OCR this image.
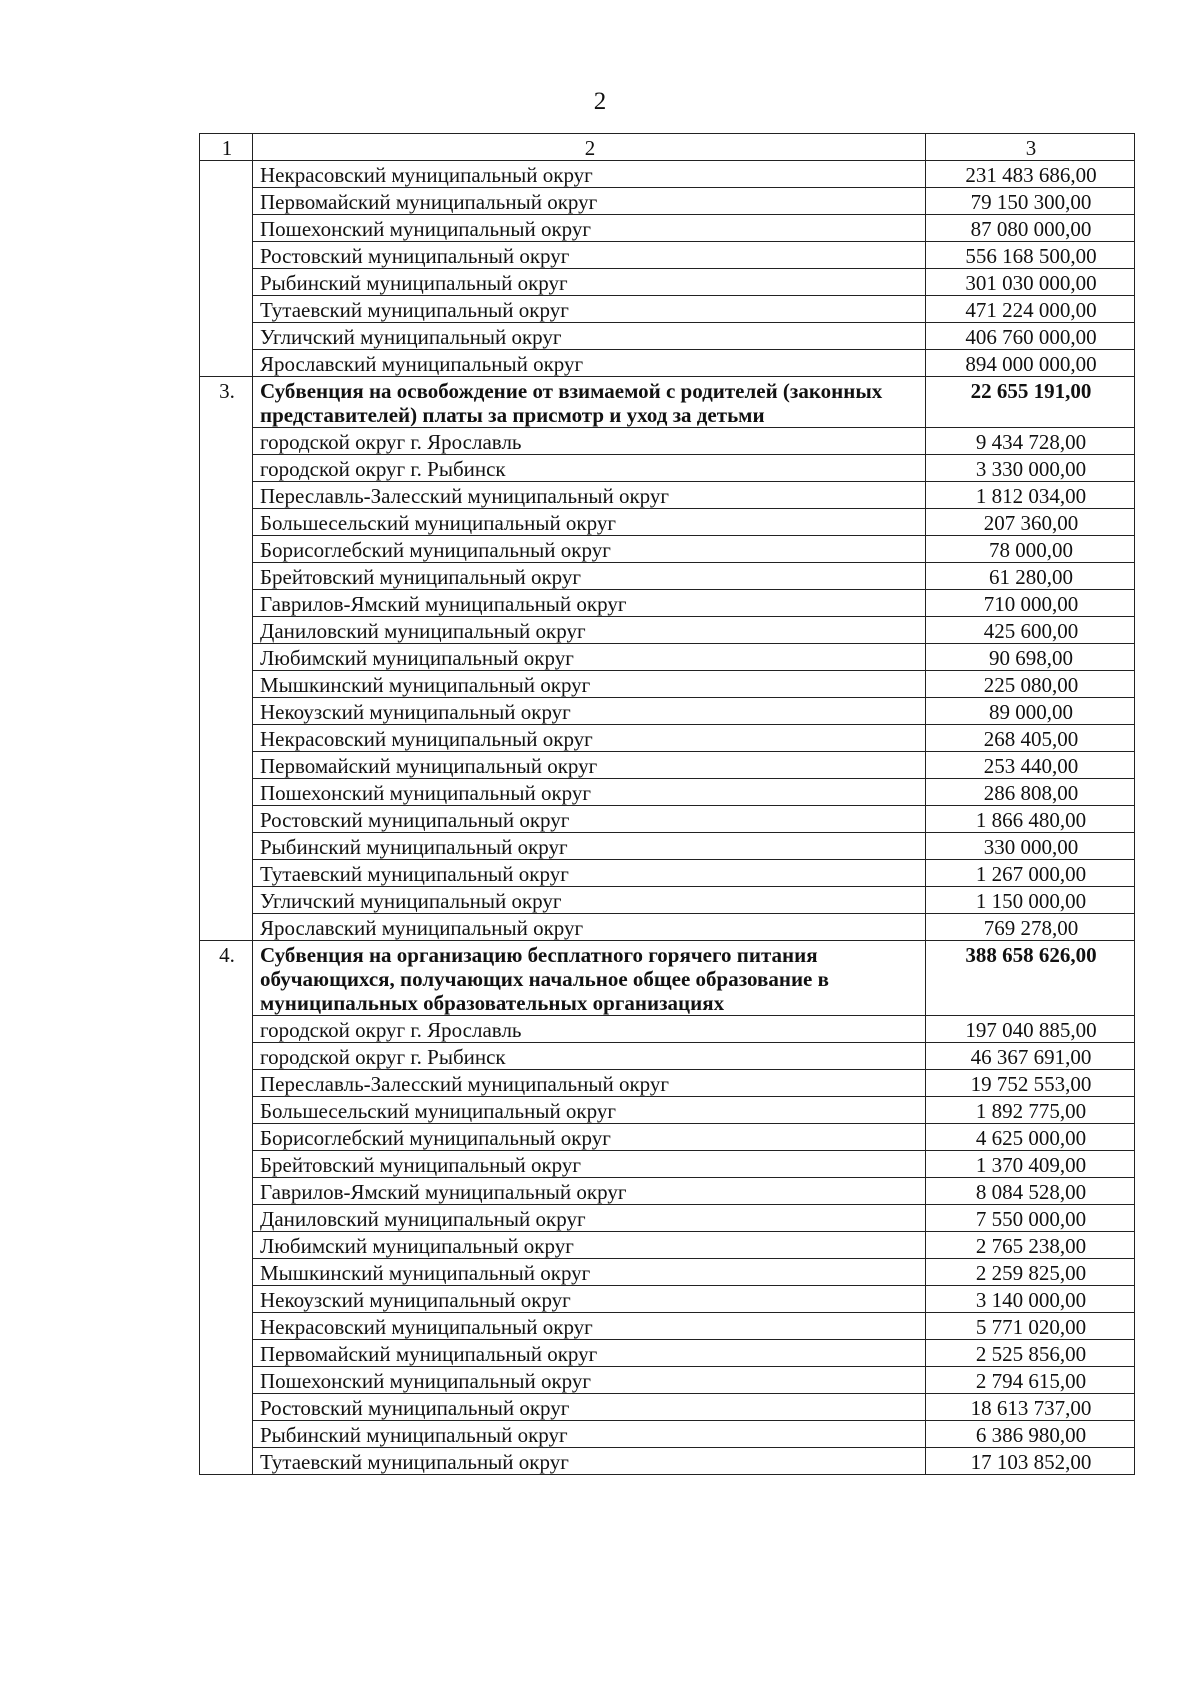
2
1	2	3
	Некрасовский муниципальный округ	231 483 686,00
	Первомайский муниципальный округ	79 150 300,00
	Пошехонский муниципальный округ	87 080 000,00
	Ростовский муниципальный округ	556 168 500,00
	Рыбинский муниципальный округ	301 030 000,00
	Тутаевский муниципальный округ	471 224 000,00
	Угличский муниципальный округ	406 760 000,00
	Ярославский муниципальный округ	894 000 000,00
3.	Субвенция на освобождение от взимаемой с родителей (законных представителей) платы за присмотр и уход за детьми	22 655 191,00
	городской округ г. Ярославль	9 434 728,00
	городской округ г. Рыбинск	3 330 000,00
	Переславль-Залесский муниципальный округ	1 812 034,00
	Большесельский муниципальный округ	207 360,00
	Борисоглебский муниципальный округ	78 000,00
	Брейтовский муниципальный округ	61 280,00
	Гаврилов-Ямский муниципальный округ	710 000,00
	Даниловский муниципальный округ	425 600,00
	Любимский муниципальный округ	90 698,00
	Мышкинский муниципальный округ	225 080,00
	Некоузский муниципальный округ	89 000,00
	Некрасовский муниципальный округ	268 405,00
	Первомайский муниципальный округ	253 440,00
	Пошехонский муниципальный округ	286 808,00
	Ростовский муниципальный округ	1 866 480,00
	Рыбинский муниципальный округ	330 000,00
	Тутаевский муниципальный округ	1 267 000,00
	Угличский муниципальный округ	1 150 000,00
	Ярославский муниципальный округ	769 278,00
4.	Субвенция на организацию бесплатного горячего питания обучающихся, получающих начальное общее образование в муниципальных образовательных организациях	388 658 626,00
	городской округ г. Ярославль	197 040 885,00
	городской округ г. Рыбинск	46 367 691,00
	Переславль-Залесский муниципальный округ	19 752 553,00
	Большесельский муниципальный округ	1 892 775,00
	Борисоглебский муниципальный округ	4 625 000,00
	Брейтовский муниципальный округ	1 370 409,00
	Гаврилов-Ямский муниципальный округ	8 084 528,00
	Даниловский муниципальный округ	7 550 000,00
	Любимский муниципальный округ	2 765 238,00
	Мышкинский муниципальный округ	2 259 825,00
	Некоузский муниципальный округ	3 140 000,00
	Некрасовский муниципальный округ	5 771 020,00
	Первомайский муниципальный округ	2 525 856,00
	Пошехонский муниципальный округ	2 794 615,00
	Ростовский муниципальный округ	18 613 737,00
	Рыбинский муниципальный округ	6 386 980,00
	Тутаевский муниципальный округ	17 103 852,00
